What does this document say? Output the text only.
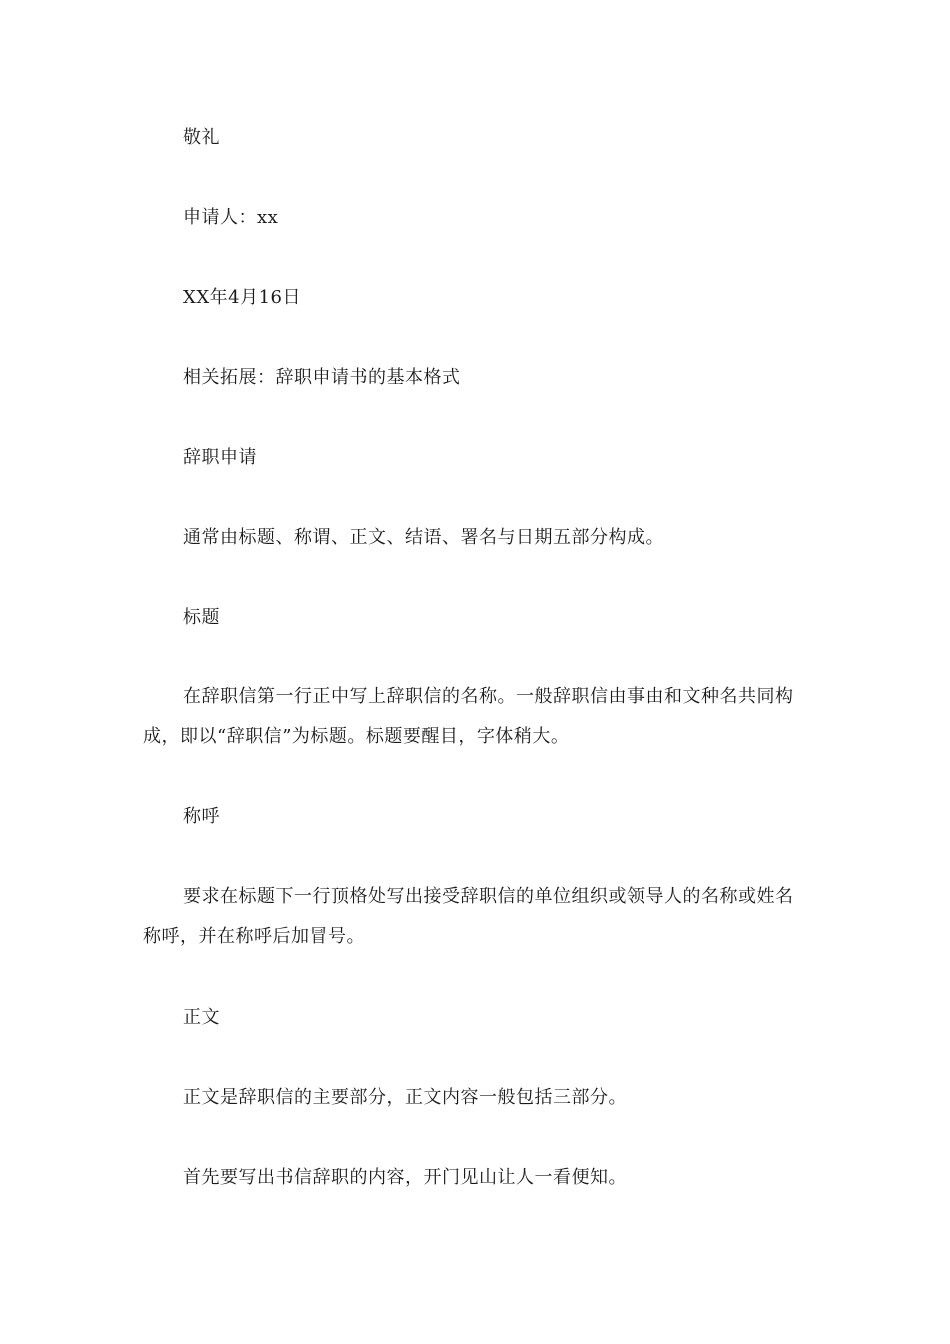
敬礼

申请人：xx

XX年4月16日

相关拓展：辞职申请书的基本格式

辞职申请

通常由标题、称谓、正文、结语、署名与日期五部分构成。

标题

在辞职信第一行正中写上辞职信的名称。一般辞职信由事由和文种名共同构成，即以“辞职信”为标题。标题要醒目，字体稍大。

称呼

要求在标题下一行顶格处写出接受辞职信的单位组织或领导人的名称或姓名称呼，并在称呼后加冒号。

正文

正文是辞职信的主要部分，正文内容一般包括三部分。

首先要写出书信辞职的内容，开门见山让人一看便知。
